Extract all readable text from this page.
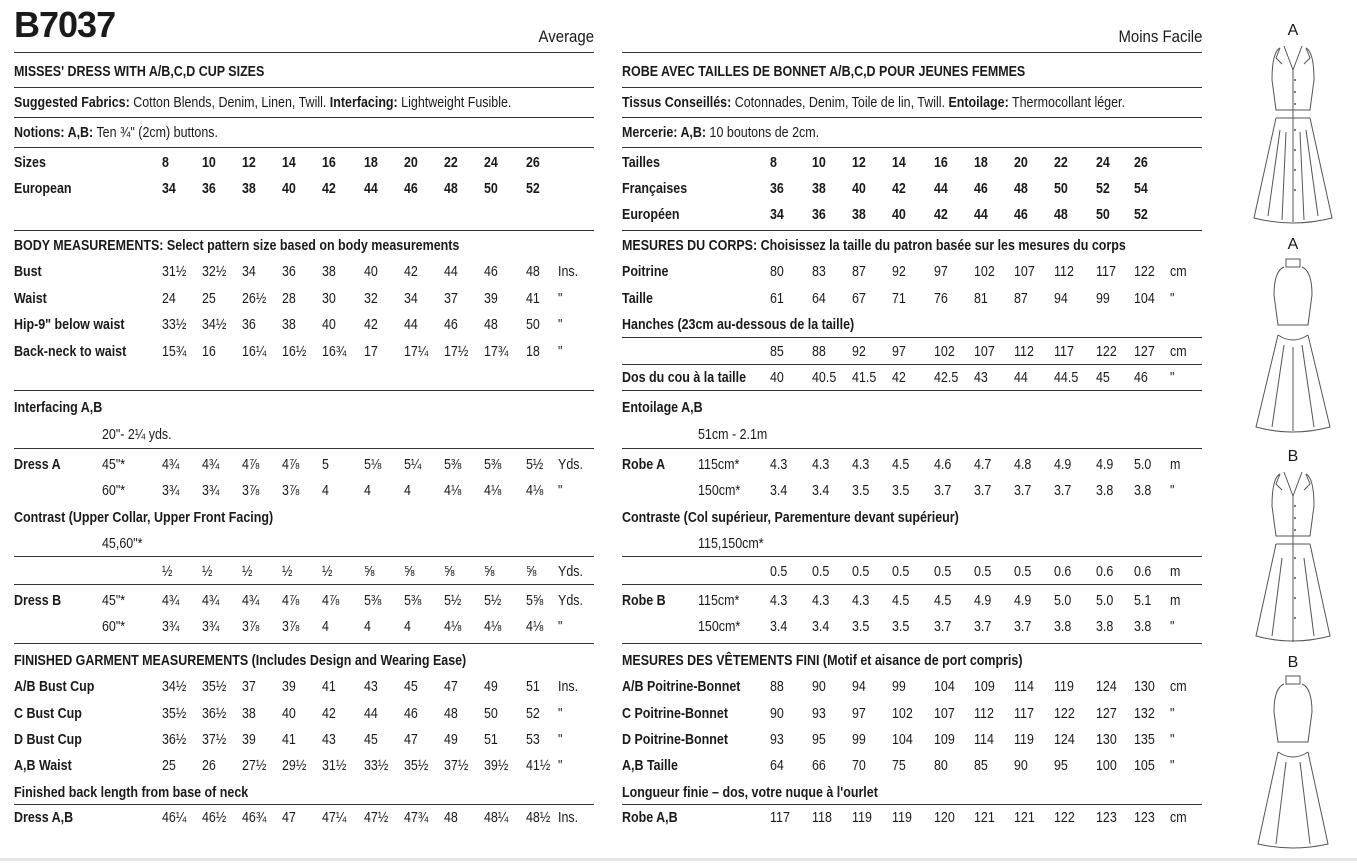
B7037	Average
MISSES' DRESS WITH A/B,C,D CUP SIZES
Suggested Fabrics: Cotton Blends, Denim, Linen, Twill. Interfacing: Lightweight Fusible.
Notions: A,B: Ten ¾" (2cm) buttons.
Sizes	8 10 12 14 16 18 20 22 24 26
European	34 36 38 40 42 44 46 48 50 52
BODY MEASUREMENTS: Select pattern size based on body measurements
Bust	31½ 32½ 34 36 38 40 42 44 46 48 Ins.
Waist	24 25 26½ 28 30 32 34 37 39 41 "
Hip-9" below waist	33½ 34½ 36 38 40 42 44 46 48 50 "
Back-neck to waist 15¾ 16 16¼ 16½ 16¾ 17 17¼ 17½ 17¾ 18 "
Interfacing A,B
20"- 2¼ yds.
Dress A	45"*	4¾ 4¾ 4⅞ 4⅞ 5 5⅛ 5¼ 5⅜ 5⅜ 5½ Yds.
60"*	3¾ 3¾ 3⅞ 3⅞ 4 4 4 4⅛ 4⅛ 4⅛ "
Contrast (Upper Collar, Upper Front Facing)
45,60"*
½ ½ ½ ½ ½ ⅝ ⅝ ⅝ ⅝ ⅝ Yds.
Dress B	45"*	4¾ 4¾ 4¾ 4⅞ 4⅞ 5⅜ 5⅜ 5½ 5½ 5⅝ Yds.
60"*	3¾ 3¾ 3⅞ 3⅞ 4 4 4 4⅛ 4⅛ 4⅛ "
FINISHED GARMENT MEASUREMENTS (Includes Design and Wearing Ease)
A/B Bust Cup	34½ 35½ 37 39 41 43 45 47 49 51 Ins.
C Bust Cup	35½ 36½ 38 40 42 44 46 48 50 52 "
D Bust Cup	36½ 37½ 39 41 43 45 47 49 51 53 "
A,B Waist	25 26 27½ 29½ 31½ 33½ 35½ 37½ 39½ 41½ "
Finished back length from base of neck
Dress A,B	46¼ 46½ 46¾ 47 47¼ 47½ 47¾ 48 48¼ 48½ Ins.
Moins Facile
ROBE AVEC TAILLES DE BONNET A/B,C,D POUR JEUNES FEMMES
Tissus Conseillés: Cotonnades, Denim, Toile de lin, Twill. Entoilage: Thermocollant léger.
Mercerie: A,B: 10 boutons de 2cm.
Tailles	8 10 12 14 16 18 20 22 24 26
Françaises	36 38 40 42 44 46 48 50 52 54
Européen	34 36 38 40 42 44 46 48 50 52
MESURES DU CORPS: Choisissez la taille du patron basée sur les mesures du corps
Poitrine	80 83 87 92 97 102 107 112 117 122 cm
Taille	61 64 67 71 76 81 87 94 99 104 "
Hanches (23cm au-dessous de la taille)
85 88 92 97 102 107 112 117 122 127 cm
Dos du cou à la taille 40 40.5 41.5 42 42.5 43 44 44.5 45 46 "
Entoilage A,B
51cm - 2.1m
Robe A 115cm* 4.3 4.3 4.3 4.5 4.6 4.7 4.8 4.9 4.9 5.0 m
150cm* 3.4 3.4 3.5 3.5 3.7 3.7 3.7 3.7 3.8 3.8 "
Contraste (Col supérieur, Parementure devant supérieur)
115,150cm*
0.5 0.5 0.5 0.5 0.5 0.5 0.5 0.6 0.6 0.6 m
Robe B 115cm* 4.3 4.3 4.3 4.5 4.5 4.9 4.9 5.0 5.0 5.1 m
150cm* 3.4 3.4 3.5 3.5 3.7 3.7 3.7 3.8 3.8 3.8 "
MESURES DES VÊTEMENTS FINI (Motif et aisance de port compris)
A/B Poitrine-Bonnet 88 90 94 99 104 109 114 119 124 130 cm
C Poitrine-Bonnet	90 93 97 102 107 112 117 122 127 132 "
D Poitrine-Bonnet	93 95 99 104 109 114 119 124 130 135 "
A,B Taille	64 66 70 75 80 85 90 95 100 105 "
Longueur finie – dos, votre nuque à l'ourlet
Robe A,B	117 118 119 119 120 121 121 122 123 123 cm
A
A
B
B
